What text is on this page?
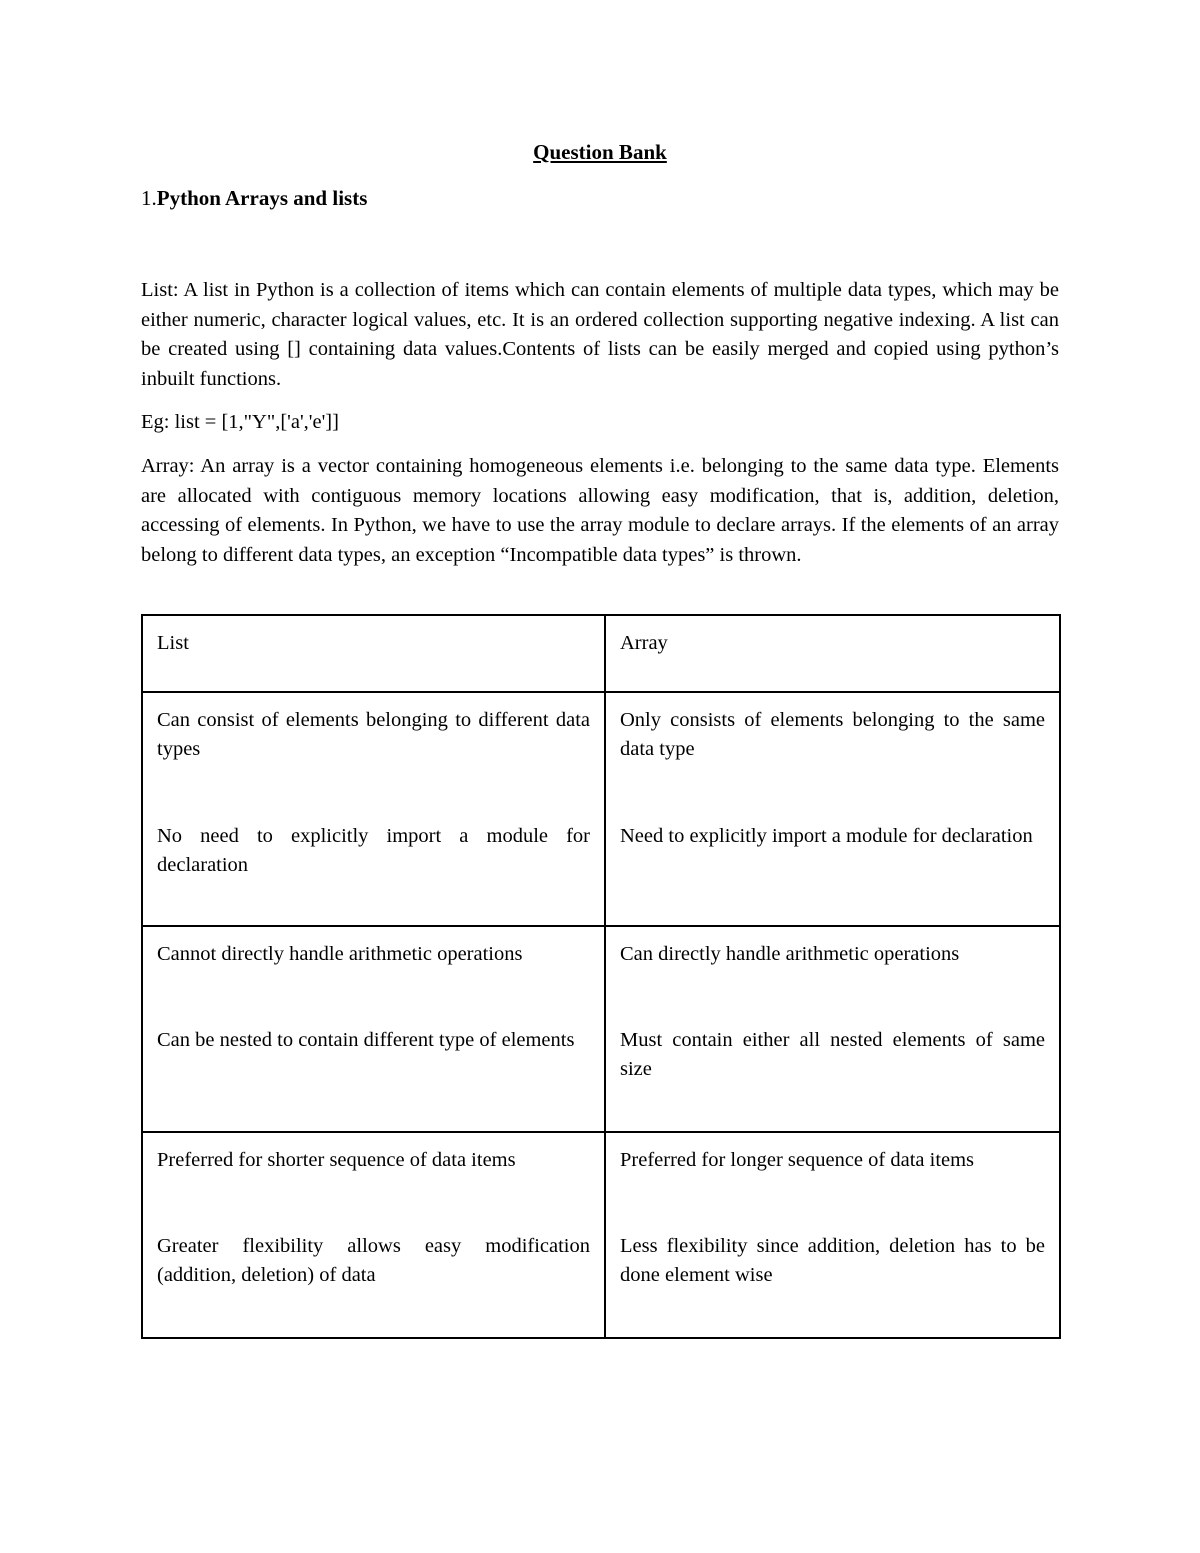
Question Bank
1.Python Arrays and lists

List: A list in Python is a collection of items which can contain elements of multiple data types, which may be either numeric, character logical values, etc. It is an ordered collection supporting negative indexing. A list can be created using [] containing data values.Contents of lists can be easily merged and copied using python’s inbuilt functions.

Eg: list = [1,"Y",['a','e']]

Array: An array is a vector containing homogeneous elements i.e. belonging to the same data type. Elements are allocated with contiguous memory locations allowing easy modification, that is, addition, deletion, accessing of elements. In Python, we have to use the array module to declare arrays. If the elements of an array belong to different data types, an exception “Incompatible data types” is thrown.

List	Array
Can consist of elements belonging to different data types	Only consists of elements belonging to the same data type
No need to explicitly import a module for declaration	Need to explicitly import a module for declaration
Cannot directly handle arithmetic operations	Can directly handle arithmetic operations
Can be nested to contain different type of elements	Must contain either all nested elements of same size
Preferred for shorter sequence of data items	Preferred for longer sequence of data items
Greater flexibility allows easy modification (addition, deletion) of data	Less flexibility since addition, deletion has to be done element wise
